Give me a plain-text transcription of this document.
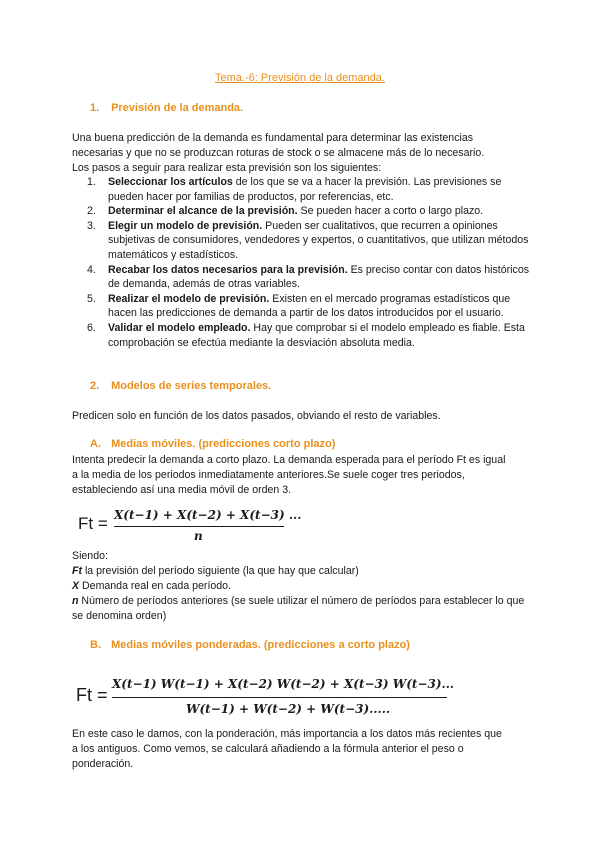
Tema.-6: Previsión de la demanda.
1. Previsión de la demanda.
Una buena predicción de la demanda es fundamental para determinar las existencias
necesarias y que no se produzcan roturas de stock o se almacene más de lo necesario.
Los pasos a seguir para realizar esta previsión son los siguientes:
1. Seleccionar los artículos de los que se va a hacer la previsión. Las previsiones se pueden hacer por familias de productos, por referencias, etc.
2. Determinar el alcance de la previsión. Se pueden hacer a corto o largo plazo.
3. Elegir un modelo de previsión. Pueden ser cualitativos, que recurren a opiniones subjetivas de consumidores, vendedores y expertos, o cuantitativos, que utilizan métodos matemáticos y estadísticos.
4. Recabar los datos necesarios para la previsión. Es preciso contar con datos históricos de demanda, además de otras variables.
5. Realizar el modelo de previsión. Existen en el mercado programas estadísticos que hacen las predicciones de demanda a partir de los datos introducidos por el usuario.
6. Validar el modelo empleado. Hay que comprobar si el modelo empleado es fiable. Esta comprobación se efectúa mediante la desviación absoluta media.
2. Modelos de series temporales.
Predicen solo en función de los datos pasados, obviando el resto de variables.
A. Medias móviles. (predicciones corto plazo)
Intenta predecir la demanda a corto plazo. La demanda esperada para el período Ft es igual
a la media de los periodos inmediatamente anteriores.Se suele coger tres periodos,
estableciendo así una media móvil de orden 3.
Ft = X(t−1) + X(t−2) + X(t−3) ...
n
Siendo:
Ft la previsión del período siguiente (la que hay que calcular)
X Demanda real en cada período.
n Número de períodos anteriores (se suele utilizar el número de períodos para establecer lo que se denomina orden)
B. Medias móviles ponderadas. (predicciones a corto plazo)
Ft =
X(t−1) W(t−1) + X(t−2) W(t−2) + X(t−3) W(t−3)...
W(t−1) + W(t−2) + W(t−3).....
En este caso le damos, con la ponderación, más importancia a los datos más recientes que
a los antiguos. Como vemos, se calculará añadiendo a la fórmula anterior el peso o
ponderación.
